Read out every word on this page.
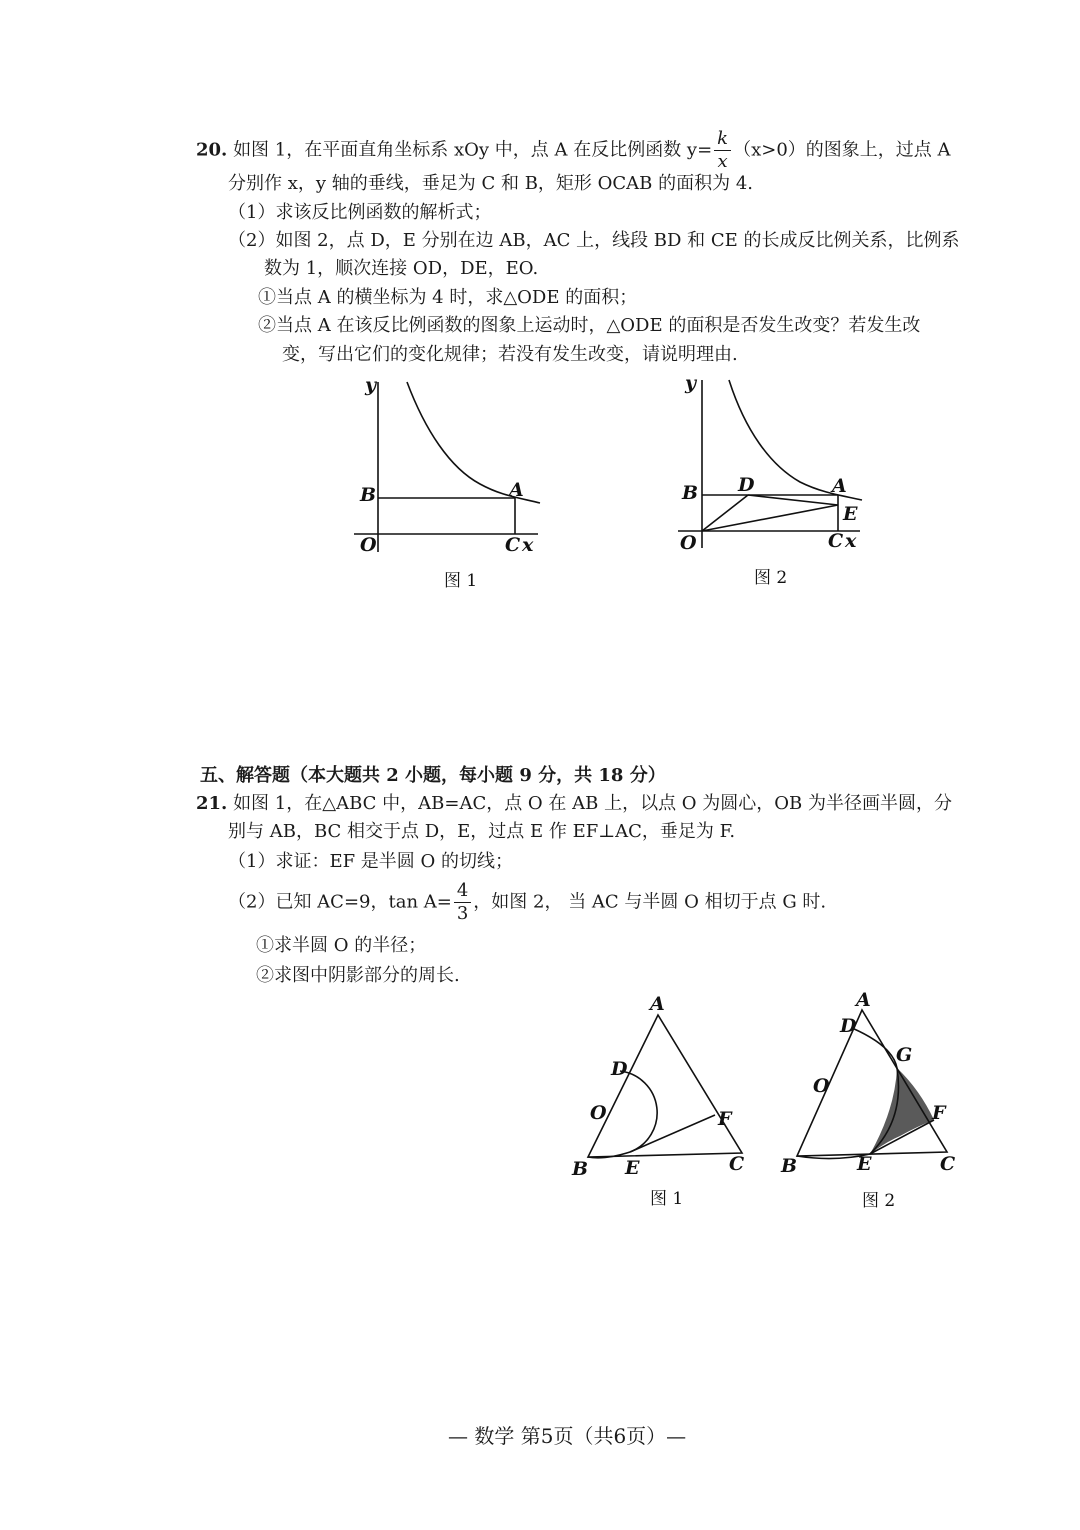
20. 如图 1，在平面直角坐标系 xOy 中，点 A 在反比例函数 $y= \frac{k}{x} (x>0)$的图象上，过点 A
分别作 x，y 轴的垂线，垂足为 C 和 B，矩形 OCAB 的面积为 4.
（1）求该反比例函数的解析式；
（2）如图 2，点 D，E 分别在边 AB，AC 上，线段 BD 和 CE 的长成反比例关系，比例系
数为 1，顺次连接 OD，DE，EO.
①当点 A 的横坐标为 4 时，求△ODE 的面积；
②当点 A 在该反比例函数的图象上运动时，△ODE 的面积是否发生改变？若发生改
变，写出它们的变化规律；若没有发生改变，请说明理由.
y
B	A
O	C x
图 1
y
B D	A
E
O	C x
图 2
五、解答题（本大题共 2 小题，每小题 9 分，共 18 分）
21. 如图 1，在△ABC 中，AB=AC，点 O 在 AB 上，以点 O 为圆心，OB 为半径画半圆，分
别与 AB，BC 相交于点 D，E，过点 E 作 EF⊥AC，垂足为 F.
（1）求证：EF 是半圆 O 的切线；
（2）已知 AC=9，$\tan A= \frac{4}{3}$ ，如图 2， 当 AC 与半圆 O 相切于点 G 时.
①求半圆 O 的半径；
②求图中阴影部分的周长.
A
D
O	F
B E	C
图 1
A
D
G
O
F
B	E	C
图 2
— 数学 第5页（共6页）—
